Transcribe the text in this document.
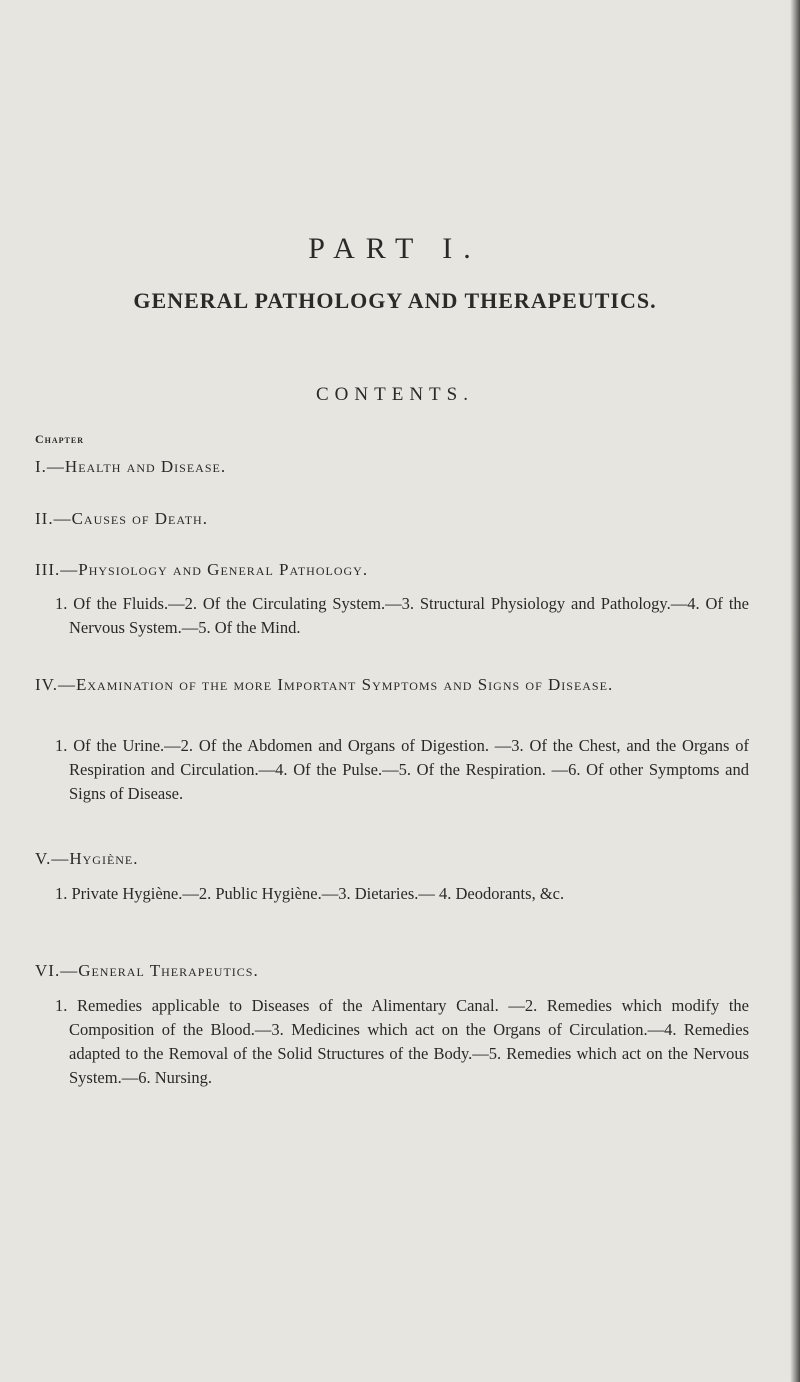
PART I.
GENERAL PATHOLOGY AND THERAPEUTICS.
CONTENTS.
Chapter
I.—Health and Disease.
II.—Causes of Death.
III.—Physiology and General Pathology.
1. Of the Fluids.—2. Of the Circulating System.—3. Structural Physiology and Pathology.—4. Of the Nervous System.—5. Of the Mind.
IV.—Examination of the more Important Symptoms and Signs of Disease.
1. Of the Urine.—2. Of the Abdomen and Organs of Digestion. —3. Of the Chest, and the Organs of Respiration and Circulation.—4. Of the Pulse.—5. Of the Respiration. —6. Of other Symptoms and Signs of Disease.
V.—Hygiène.
1. Private Hygiène.—2. Public Hygiène.—3. Dietaries.— 4. Deodorants, &c.
VI.—General Therapeutics.
1. Remedies applicable to Diseases of the Alimentary Canal. —2. Remedies which modify the Composition of the Blood.—3. Medicines which act on the Organs of Circulation.—4. Remedies adapted to the Removal of the Solid Structures of the Body.—5. Remedies which act on the Nervous System.—6. Nursing.
